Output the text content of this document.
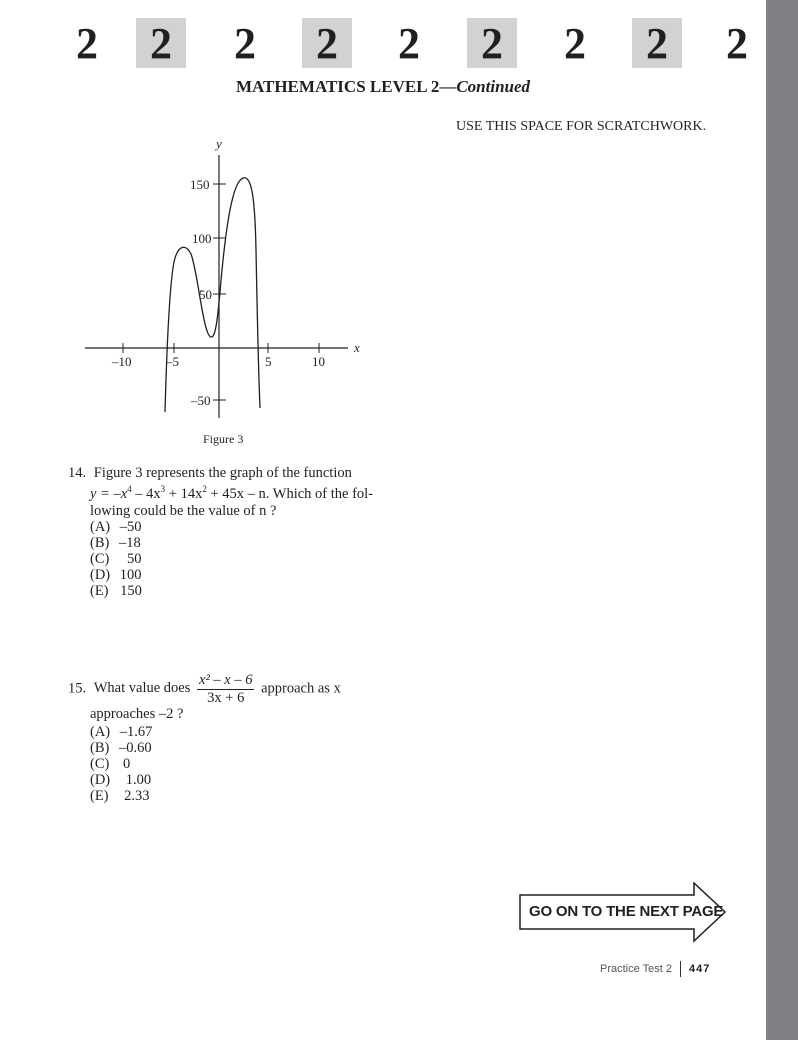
2	2	2	2	2	2	2	2	2
MATHEMATICS LEVEL 2—Continued
USE THIS SPACE FOR SCRATCHWORK.
x
y
–10	–5	5	10
150
100
50
–50
Figure 3
14. Figure 3 represents the graph of the function
$y = -x^4 - 4x^3 + 14x^2 + 45x - n$. Which of the fol-
lowing could be the value of n ?
(A) –50
(B) –18
(C) 50
(D) 100
(E) 150
15. What value does $\frac{\text{x² – x – 6}}{3x + 6}$ approach as x
approaches –2 ?
(A) –1.67
(B) –0.60
(C) 0
(D) 1.00
(E) 2.33
GO ON TO THE NEXT PAGE
Practice Test 2 447
